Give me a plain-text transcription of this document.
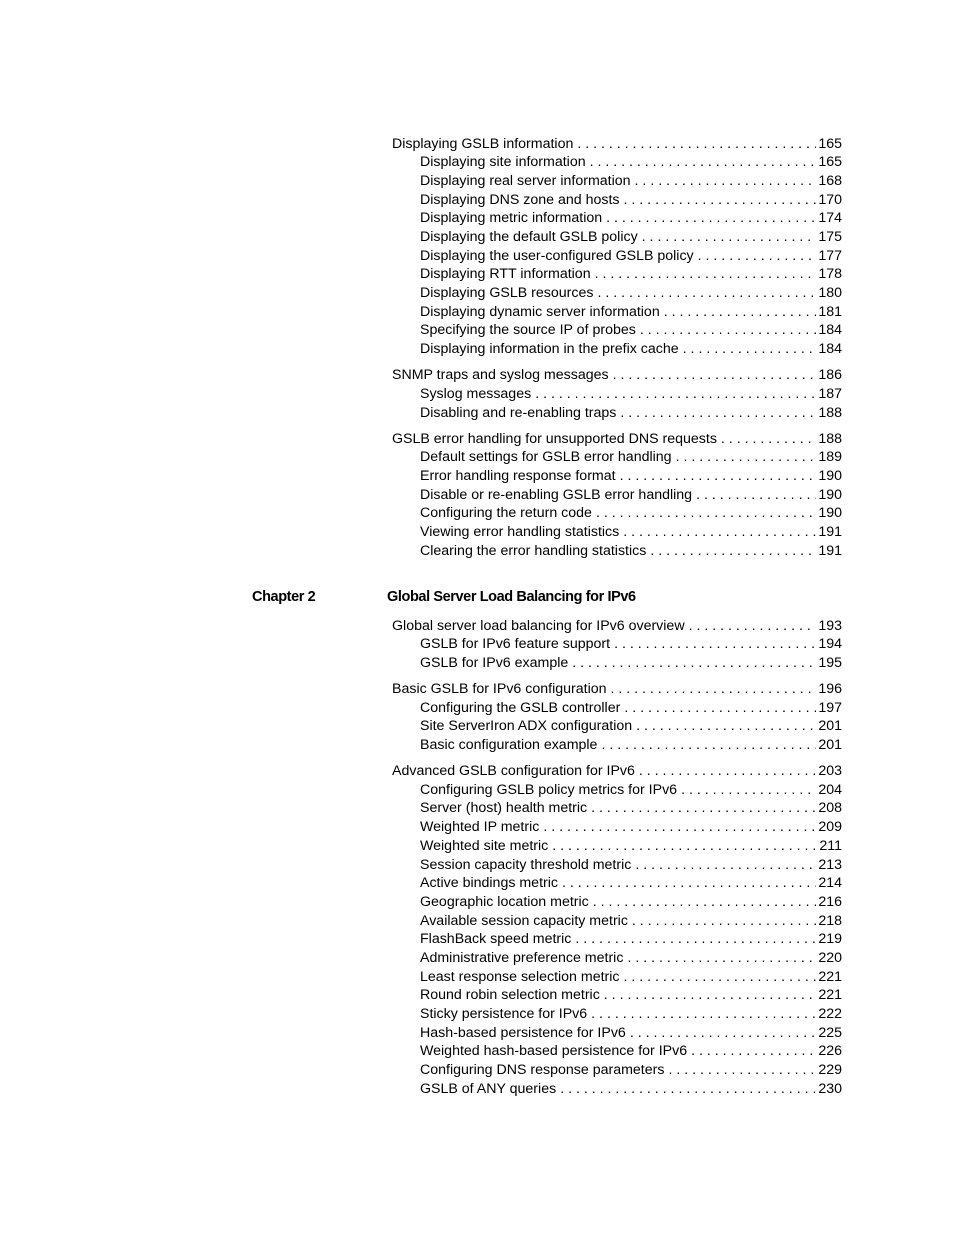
Displaying GSLB information . . .	165
Displaying site information . . .	165
Displaying real server information . . .	168
Displaying DNS zone and hosts . . .	170
Displaying metric information . . .	174
Displaying the default GSLB policy . . .	175
Displaying the user-configured GSLB policy . . .	177
Displaying RTT information . . .	178
Displaying GSLB resources . . .	180
Displaying dynamic server information . . .	181
Specifying the source IP of probes . . .	184
Displaying information in the prefix cache . . .	184
SNMP traps and syslog messages . . .	186
Syslog messages . . .	187
Disabling and re-enabling traps . . .	188
GSLB error handling for unsupported DNS requests . . .	188
Default settings for GSLB error handling . . .	189
Error handling response format . . .	190
Disable or re-enabling GSLB error handling . . .	190
Configuring the return code . . .	190
Viewing error handling statistics . . .	191
Clearing the error handling statistics . . .	191
Chapter 2	Global Server Load Balancing for IPv6
Global server load balancing for IPv6 overview . . .	193
GSLB for IPv6 feature support . . .	194
GSLB for IPv6 example . . .	195
Basic GSLB for IPv6 configuration . . .	196
Configuring the GSLB controller . . .	197
Site ServerIron ADX configuration . . .	201
Basic configuration example . . .	201
Advanced GSLB configuration for IPv6 . . .	203
Configuring GSLB policy metrics for IPv6 . . .	204
Server (host) health metric . . .	208
Weighted IP metric . . .	209
Weighted site metric . . .	211
Session capacity threshold metric . . .	213
Active bindings metric . . .	214
Geographic location metric . . .	216
Available session capacity metric . . .	218
FlashBack speed metric . . .	219
Administrative preference metric . . .	220
Least response selection metric . . .	221
Round robin selection metric . . .	221
Sticky persistence for IPv6 . . .	222
Hash-based persistence for IPv6 . . .	225
Weighted hash-based persistence for IPv6 . . .	226
Configuring DNS response parameters . . .	229
GSLB of ANY queries . . .	230
